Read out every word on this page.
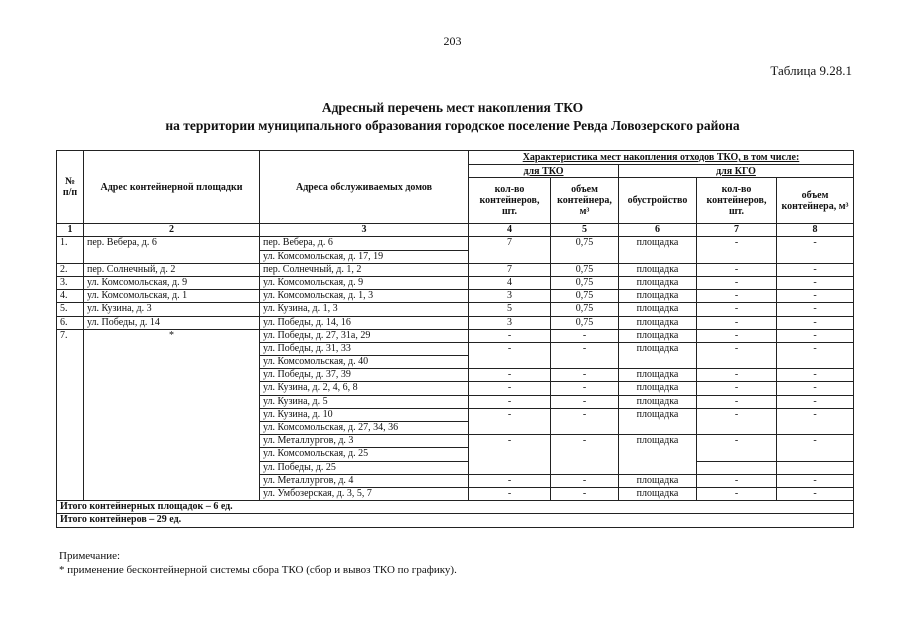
203
Таблица 9.28.1
Адресный перечень мест накопления ТКО
на территории муниципального образования городское поселение Ревда Ловозерского района
№ п/п	Адрес контейнерной площадки	Адреса обслуживаемых домов	Характеристика мест накопления отходов ТКО, в том числе:				
			для ТКО		для КГО		
			кол-во контейнеров, шт.	объем контейнера, м³	обустройство	кол-во контейнеров, шт.	объем контейнера, м³
1	2	3	4	5	6	7	8
1.	пер. Вебера, д. 6	пер. Вебера, д. 6	7	0,75	площадка	-	-
		ул. Комсомольская, д. 17, 19					
2.	пер. Солнечный, д. 2	пер. Солнечный, д. 1, 2	7	0,75	площадка	-	-
3.	ул. Комсомольская, д. 9	ул. Комсомольская, д. 9	4	0,75	площадка	-	-
4.	ул. Комсомольская, д. 1	ул. Комсомольская, д. 1, 3	3	0,75	площадка	-	-
5.	ул. Кузина, д. 3	ул. Кузина, д. 1, 3	5	0,75	площадка	-	-
6.	ул. Победы, д. 14	ул. Победы, д. 14, 16	3	0,75	площадка	-	-
7.	*	ул. Победы, д. 27, 31а, 29	-	-	площадка	-	-
		ул. Победы, д. 31, 33	-	-	площадка	-	-
		ул. Комсомольская, д. 40					
		ул. Победы, д. 37, 39	-	-	площадка	-	-
		ул. Кузина, д. 2, 4, 6, 8	-	-	площадка	-	-
		ул. Кузина, д. 5	-	-	площадка	-	-
		ул. Кузина, д. 10	-	-	площадка	-	-
		ул. Комсомольская, д. 27, 34, 36					
		ул. Металлургов, д. 3	-	-	площадка	-	-
		ул. Комсомольская, д. 25					
		ул. Победы, д. 25					
		ул. Металлургов, д. 4	-	-	площадка	-	-
		ул. Умбозерская, д. 3, 5, 7	-	-	площадка	-	-
Итого контейнерных площадок – 6 ед.							
Итого контейнеров – 29 ед.							
Примечание:
* применение бесконтейнерной системы сбора ТКО (сбор и вывоз ТКО по графику).
